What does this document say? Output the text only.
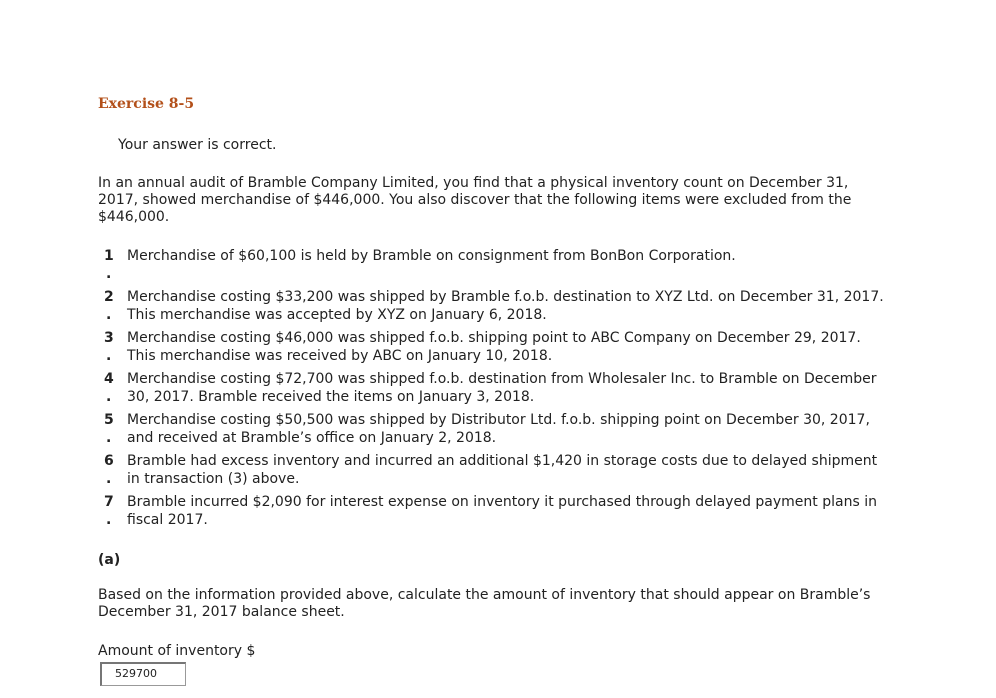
Exercise 8-5
Your answer is correct.

In an annual audit of Bramble Company Limited, you find that a physical inventory count on December 31, 2017, showed merchandise of $446,000. You also discover that the following items were excluded from the $446,000.

1
.
Merchandise of $60,100 is held by Bramble on consignment from BonBon Corporation.
2
.
Merchandise costing $33,200 was shipped by Bramble f.o.b. destination to XYZ Ltd. on December 31, 2017. This merchandise was accepted by XYZ on January 6, 2018.
3
.
Merchandise costing $46,000 was shipped f.o.b. shipping point to ABC Company on December 29, 2017. This merchandise was received by ABC on January 10, 2018.
4
.
Merchandise costing $72,700 was shipped f.o.b. destination from Wholesaler Inc. to Bramble on December 30, 2017. Bramble received the items on January 3, 2018.
5
.
Merchandise costing $50,500 was shipped by Distributor Ltd. f.o.b. shipping point on December 30, 2017, and received at Bramble’s office on January 2, 2018.
6
.
Bramble had excess inventory and incurred an additional $1,420 in storage costs due to delayed shipment in transaction (3) above.
7
.
Bramble incurred $2,090 for interest expense on inventory it purchased through delayed payment plans in fiscal 2017.
(a)

Based on the information provided above, calculate the amount of inventory that should appear on Bramble’s December 31, 2017 balance sheet.

Amount of inventory $
529700
